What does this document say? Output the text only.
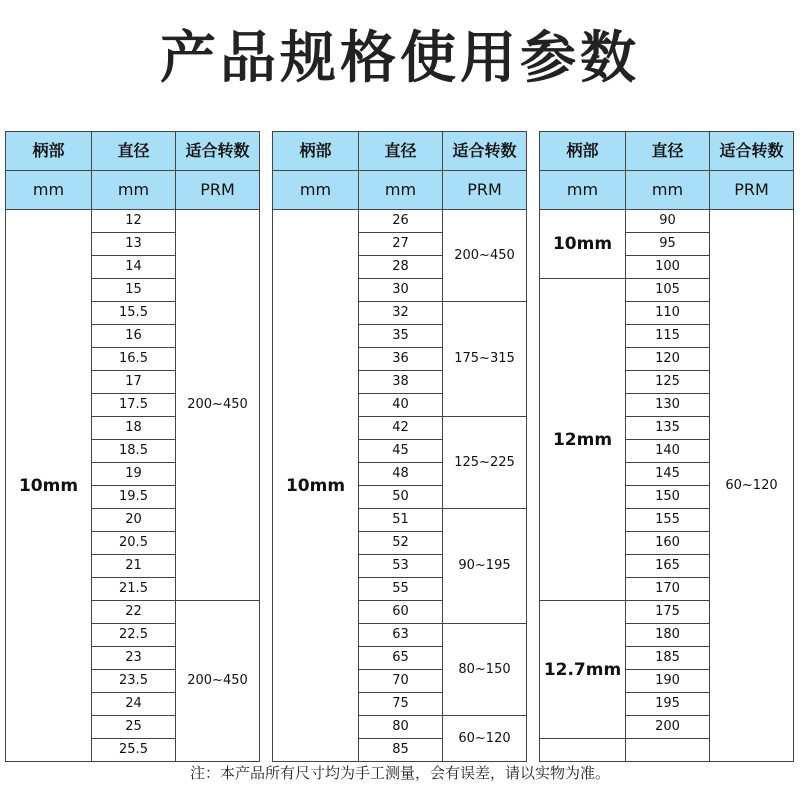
产品规格使用参数
柄部	直径	适合转数
mm	mm	PRM
10mm	12	200~450
	13	
	14	
	15	
	15.5	
	16	
	16.5	
	17	
	17.5	
	18	
	18.5	
	19	
	19.5	
	20	
	20.5	
	21	
	21.5	
	22	200~450
	22.5	
	23	
	23.5	
	24	
	25	
	25.5	
柄部	直径	适合转数
mm	mm	PRM
10mm	26	200~450
	27	
	28	
	30	
	32	175~315
	35	
	36	
	38	
	40	
	42	125~225
	45	
	48	
	50	
	51	90~195
	52	
	53	
	55	
	60	
	63	80~150
	65	
	70	
	75	
	80	60~120
	85	
柄部	直径	适合转数
mm	mm	PRM
10mm	90	60~120
	95	
	100	
12mm	105	
	110	
	115	
	120	
	125	
	130	
	135	
	140	
	145	
	150	
	155	
	160	
	165	
	170	
12.7mm	175	
	180	
	185	
	190	
	195	
	200	

注：本产品所有尺寸均为手工测量，会有误差，请以实物为准。
